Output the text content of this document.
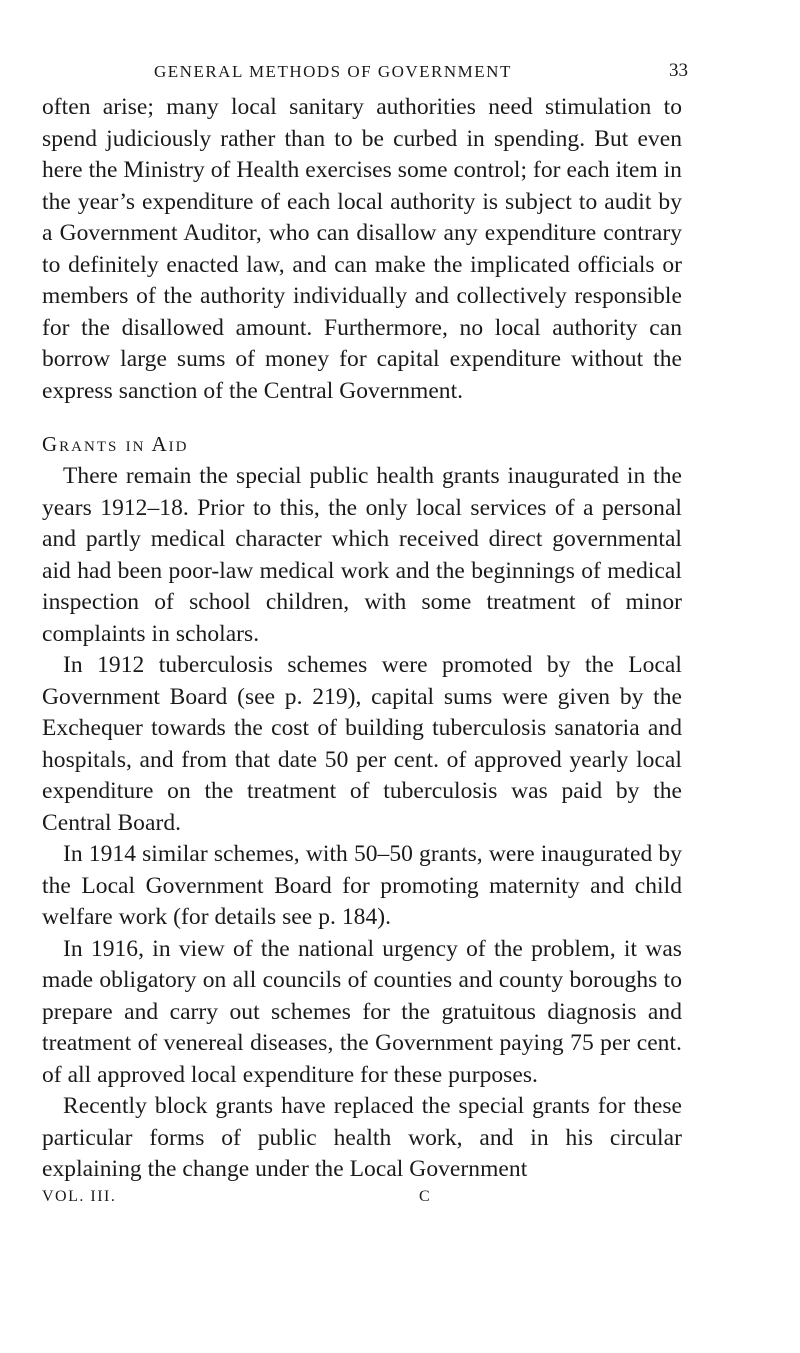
GENERAL METHODS OF GOVERNMENT	33

often arise; many local sanitary authorities need stimulation to spend judiciously rather than to be curbed in spending. But even here the Ministry of Health exercises some control; for each item in the year’s expenditure of each local authority is subject to audit by a Government Auditor, who can disallow any expenditure contrary to definitely enacted law, and can make the implicated officials or members of the authority individually and collectively responsible for the disallowed amount. Furthermore, no local authority can borrow large sums of money for capital expenditure without the express sanction of the Central Government.

Grants in Aid

There remain the special public health grants inaugurated in the years 1912–18. Prior to this, the only local services of a personal and partly medical character which received direct governmental aid had been poor-law medical work and the beginnings of medical inspection of school children, with some treatment of minor complaints in scholars.

In 1912 tuberculosis schemes were promoted by the Local Government Board (see p. 219), capital sums were given by the Exchequer towards the cost of building tuberculosis sanatoria and hospitals, and from that date 50 per cent. of approved yearly local expenditure on the treatment of tuberculosis was paid by the Central Board.

In 1914 similar schemes, with 50–50 grants, were inaugurated by the Local Government Board for promoting maternity and child welfare work (for details see p. 184).

In 1916, in view of the national urgency of the problem, it was made obligatory on all councils of counties and county boroughs to prepare and carry out schemes for the gratuitous diagnosis and treatment of venereal diseases, the Government paying 75 per cent. of all approved local expenditure for these purposes.

Recently block grants have replaced the special grants for these particular forms of public health work, and in his circular explaining the change under the Local Government

VOL. III.	C
